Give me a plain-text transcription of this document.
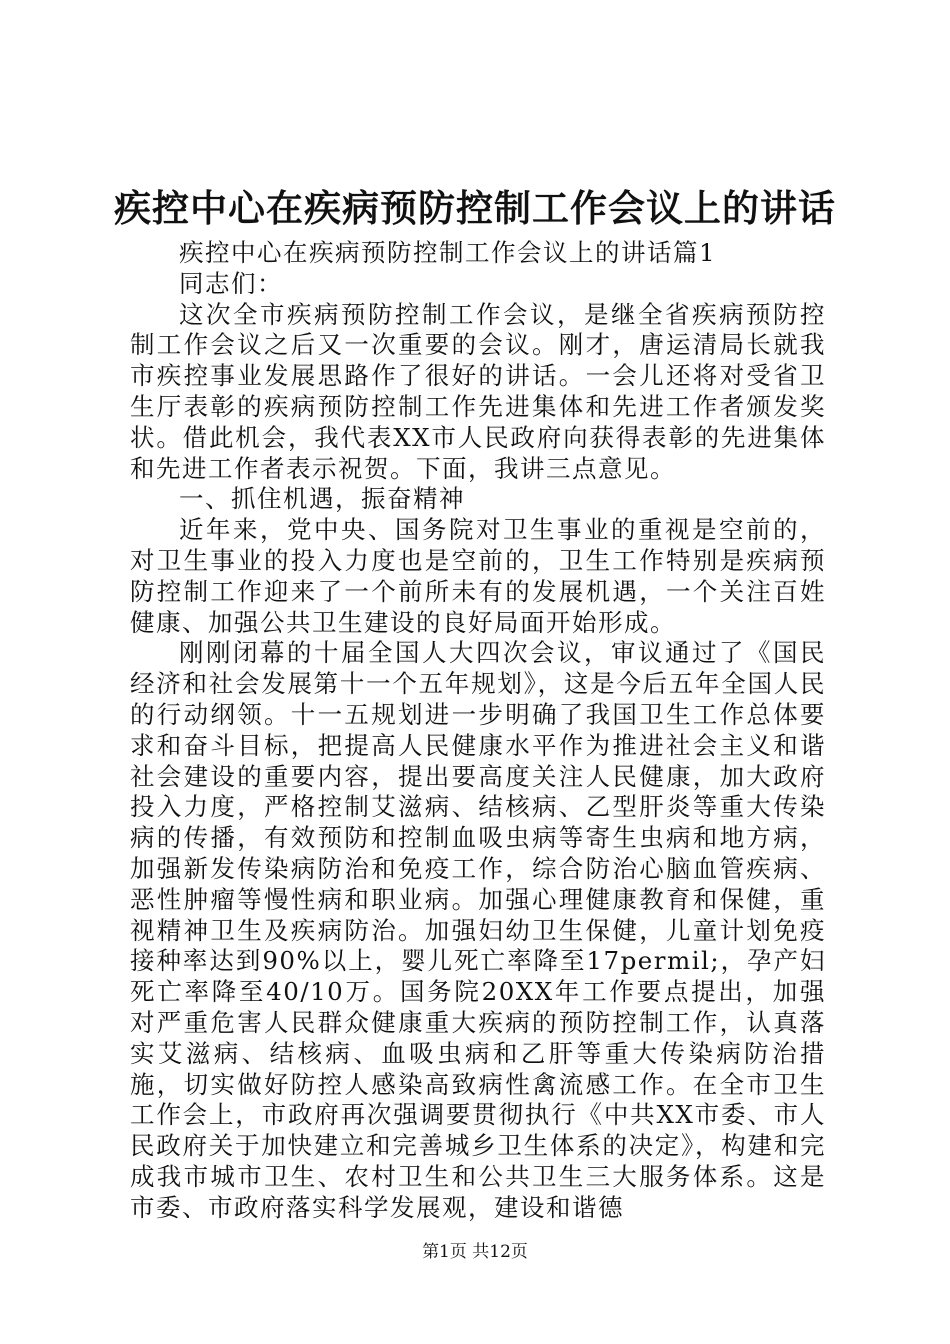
疾控中心在疾病预防控制工作会议上的讲话

疾控中心在疾病预防控制工作会议上的讲话篇1

同志们：

这次全市疾病预防控制工作会议，是继全省疾病预防控制工作会议之后又一次重要的会议。刚才，唐运清局长就我市疾控事业发展思路作了很好的讲话。一会儿还将对受省卫生厅表彰的疾病预防控制工作先进集体和先进工作者颁发奖状。借此机会，我代表XX市人民政府向获得表彰的先进集体和先进工作者表示祝贺。下面，我讲三点意见。

一、抓住机遇，振奋精神

近年来，党中央、国务院对卫生事业的重视是空前的，对卫生事业的投入力度也是空前的，卫生工作特别是疾病预防控制工作迎来了一个前所未有的发展机遇，一个关注百姓健康、加强公共卫生建设的良好局面开始形成。

刚刚闭幕的十届全国人大四次会议，审议通过了《国民经济和社会发展第十一个五年规划》，这是今后五年全国人民的行动纲领。十一五规划进一步明确了我国卫生工作总体要求和奋斗目标，把提高人民健康水平作为推进社会主义和谐社会建设的重要内容，提出要高度关注人民健康，加大政府投入力度，严格控制艾滋病、结核病、乙型肝炎等重大传染病的传播，有效预防和控制血吸虫病等寄生虫病和地方病，加强新发传染病防治和免疫工作，综合防治心脑血管疾病、恶性肿瘤等慢性病和职业病。加强心理健康教育和保健，重视精神卫生及疾病防治。加强妇幼卫生保健，儿童计划免疫接种率达到90%以上，婴儿死亡率降至17permil;，孕产妇死亡率降至40/10万。国务院20XX年工作要点提出，加强对严重危害人民群众健康重大疾病的预防控制工作，认真落实艾滋病、结核病、血吸虫病和乙肝等重大传染病防治措施，切实做好防控人感染高致病性禽流感工作。在全市卫生工作会上，市政府再次强调要贯彻执行《中共XX市委、市人民政府关于加快建立和完善城乡卫生体系的决定》，构建和完成我市城市卫生、农村卫生和公共卫生三大服务体系。这是市委、市政府落实科学发展观，建设和谐德

第1页 共12页
